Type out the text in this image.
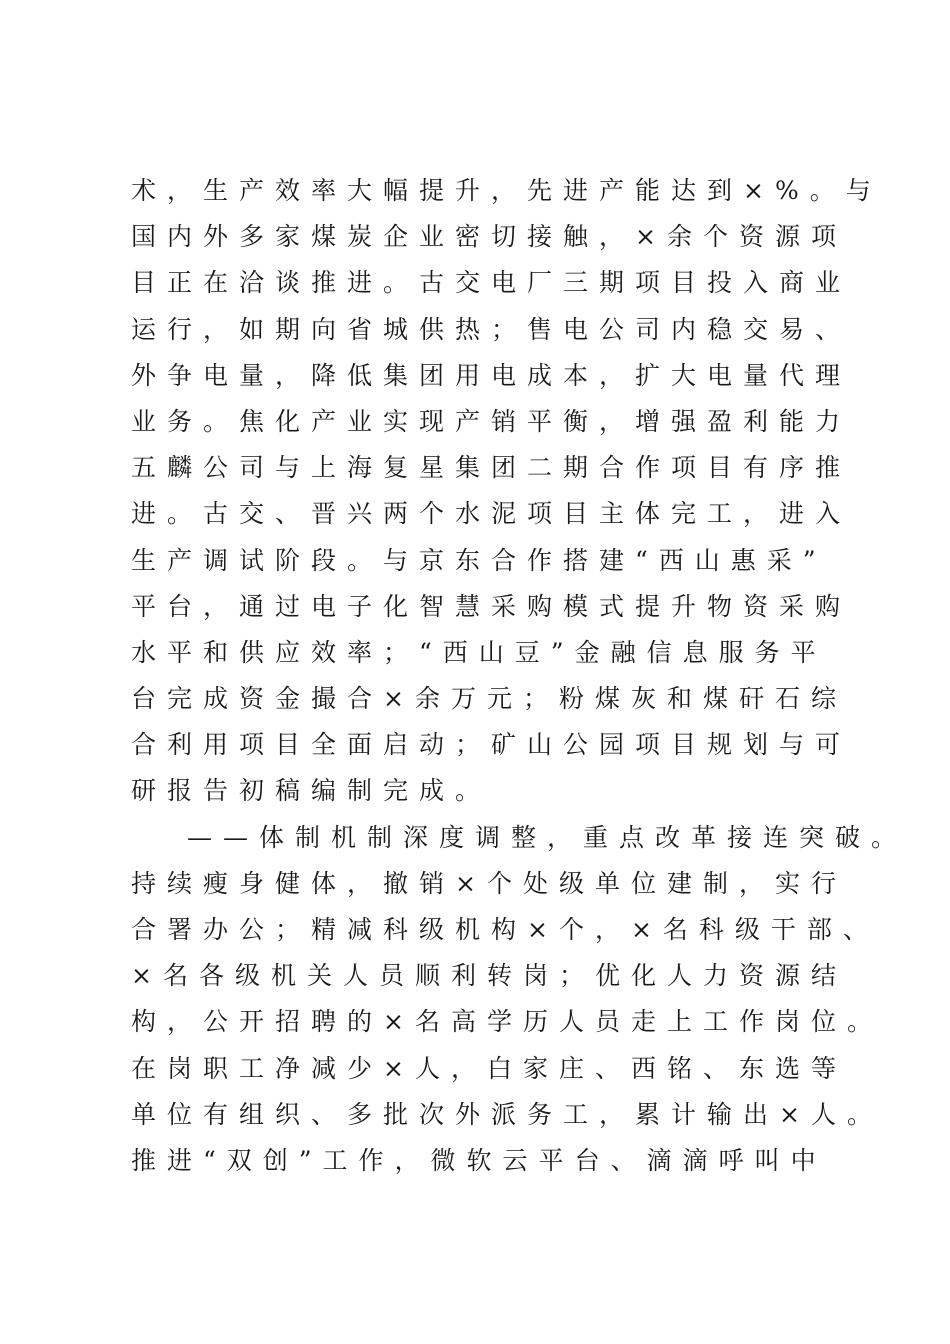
术，生产效率大幅提升，先进产能达到×%。与
国内外多家煤炭企业密切接触，×余个资源项
目正在洽谈推进。古交电厂三期项目投入商业
运行，如期向省城供热；售电公司内稳交易、
外争电量，降低集团用电成本，扩大电量代理
业务。焦化产业实现产销平衡，增强盈利能力
五麟公司与上海复星集团二期合作项目有序推
进。古交、晋兴两个水泥项目主体完工，进入
生产调试阶段。与京东合作搭建“西山惠采”
平台，通过电子化智慧采购模式提升物资采购
水平和供应效率；“西山豆”金融信息服务平
台完成资金撮合×余万元；粉煤灰和煤矸石综
合利用项目全面启动；矿山公园项目规划与可
研报告初稿编制完成。
——体制机制深度调整，重点改革接连突破。
持续瘦身健体，撤销×个处级单位建制，实行
合署办公；精减科级机构×个，×名科级干部、
×名各级机关人员顺利转岗；优化人力资源结
构，公开招聘的×名高学历人员走上工作岗位。
在岗职工净减少×人，白家庄、西铭、东选等
单位有组织、多批次外派务工，累计输出×人。
推进“双创”工作，微软云平台、滴滴呼叫中
